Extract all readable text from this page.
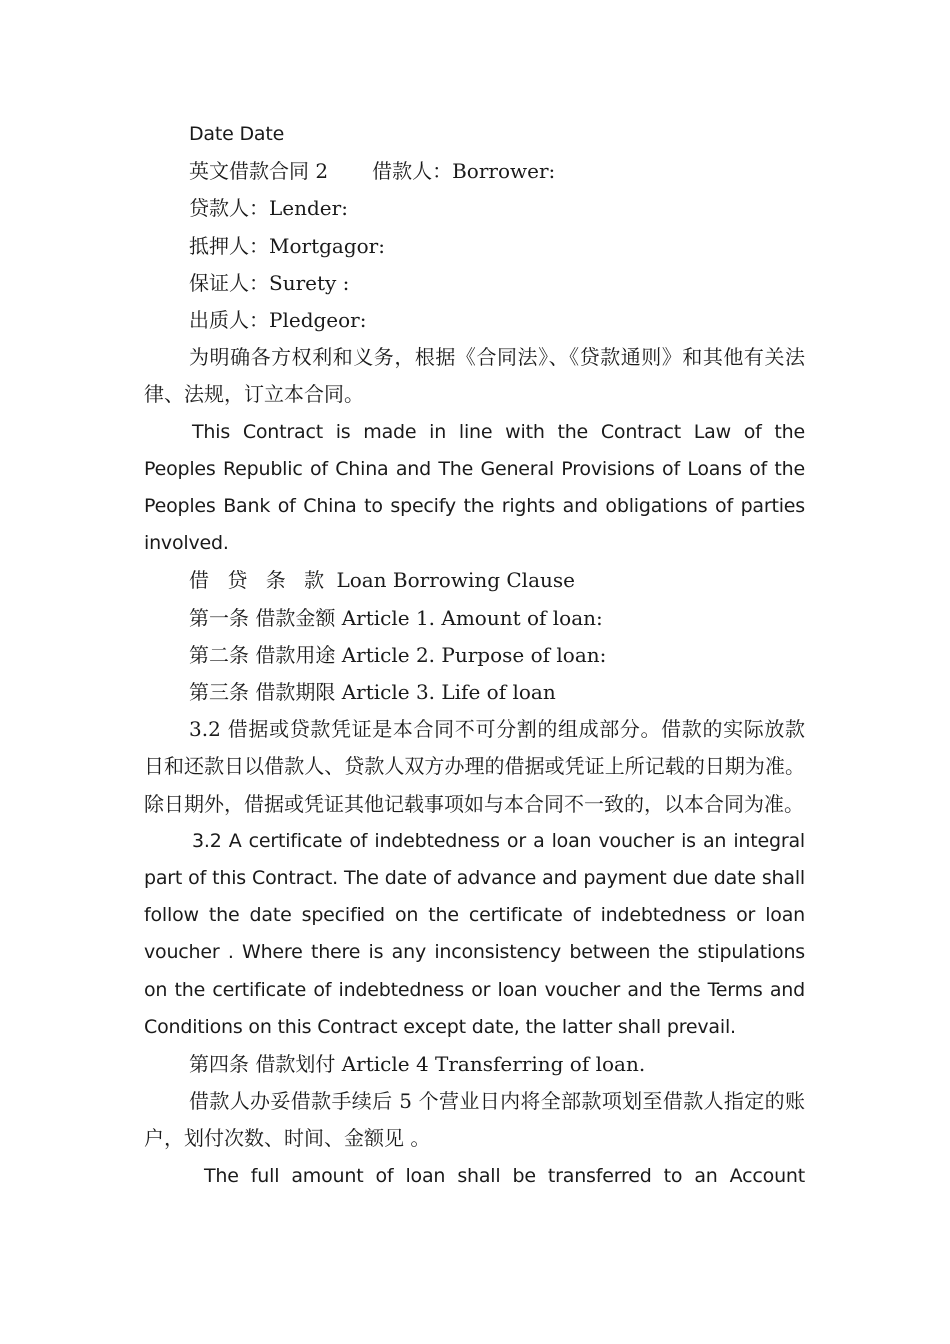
Date Date

英文借款合同 2 借款人：Borrower:

贷款人：Lender:

抵押人：Mortgagor:

保证人：Surety :

出质人：Pledgeor:

为明确各方权利和义务，根据《合同法》、《贷款通则》和其他有关法律、法规，订立本合同。

This Contract is made in line with the Contract Law of the Peoples Republic of China and The General Provisions of Loans of the Peoples Bank of China to specify the rights and obligations of parties involved.

借 贷 条 款 Loan Borrowing Clause

第一条 借款金额 Article 1. Amount of loan:

第二条 借款用途 Article 2. Purpose of loan:

第三条 借款期限 Article 3. Life of loan

3.2 借据或贷款凭证是本合同不可分割的组成部分。借款的实际放款日和还款日以借款人、贷款人双方办理的借据或凭证上所记载的日期为准。除日期外，借据或凭证其他记载事项如与本合同不一致的，以本合同为准。

3.2 A certificate of indebtedness or a loan voucher is an integral part of this Contract. The date of advance and payment due date shall follow the date specified on the certificate of indebtedness or loan voucher . Where there is any inconsistency between the stipulations on the certificate of indebtedness or loan voucher and the Terms and Conditions on this Contract except date, the latter shall prevail.

第四条 借款划付 Article 4 Transferring of loan.

借款人办妥借款手续后 5 个营业日内将全部款项划至借款人指定的账户，划付次数、时间、金额见 。

The full amount of loan shall be transferred to an Account
